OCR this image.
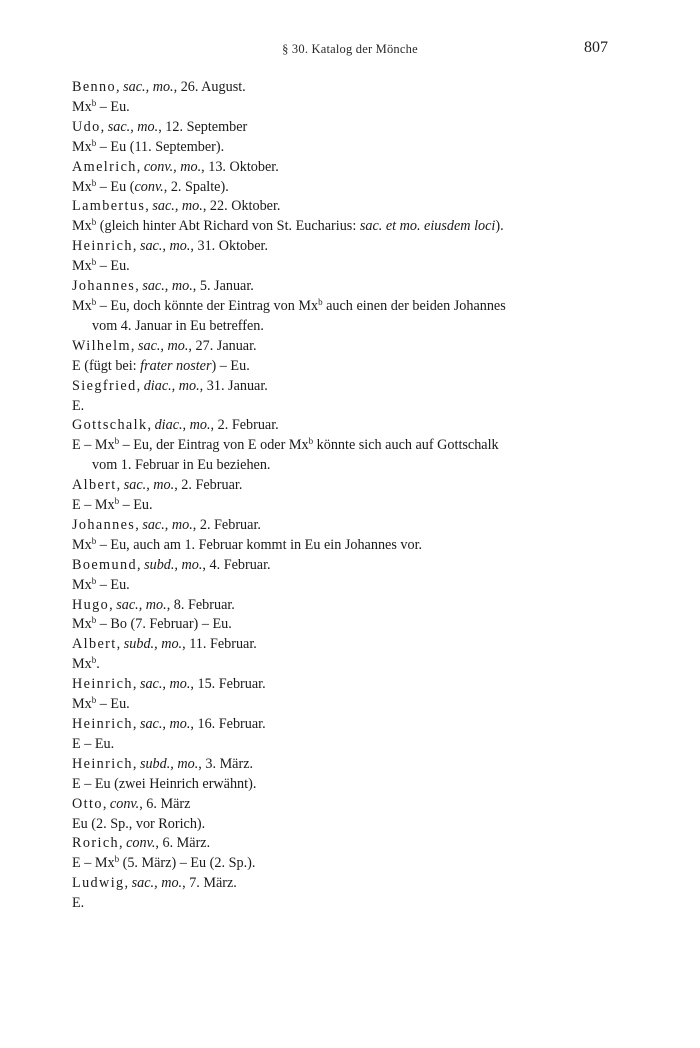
§ 30. Katalog der Mönche	807
Benno, sac., mo., 26. August.
Mx$^b$ – Eu.
Udo, sac., mo., 12. September
Mx$^b$ – Eu (11. September).
Amelrich, conv., mo., 13. Oktober.
Mx$^b$ – Eu (conv., 2. Spalte).
Lambertus, sac., mo., 22. Oktober.
Mx$^b$ (gleich hinter Abt Richard von St. Eucharius: sac. et mo. eiusdem loci).
Heinrich, sac., mo., 31. Oktober.
Mx$^b$ – Eu.
Johannes, sac., mo., 5. Januar.
Mx$^b$ – Eu, doch könnte der Eintrag von Mx$^b$ auch einen der beiden Johannes
vom 4. Januar in Eu betreffen.
Wilhelm, sac., mo., 27. Januar.
E (fügt bei: frater noster) – Eu.
Siegfried, diac., mo., 31. Januar.
E.
Gottschalk, diac., mo., 2. Februar.
E – Mx$^b$ – Eu, der Eintrag von E oder Mx$^b$ könnte sich auch auf Gottschalk
vom 1. Februar in Eu beziehen.
Albert, sac., mo., 2. Februar.
E – Mx$^b$ – Eu.
Johannes, sac., mo., 2. Februar.
Mx$^b$ – Eu, auch am 1. Februar kommt in Eu ein Johannes vor.
Boemund, subd., mo., 4. Februar.
Mx$^b$ – Eu.
Hugo, sac., mo., 8. Februar.
Mx$^b$ – Bo (7. Februar) – Eu.
Albert, subd., mo., 11. Februar.
Mx$^b$.
Heinrich, sac., mo., 15. Februar.
Mx$^b$ – Eu.
Heinrich, sac., mo., 16. Februar.
E – Eu.
Heinrich, subd., mo., 3. März.
E – Eu (zwei Heinrich erwähnt).
Otto, conv., 6. März
Eu (2. Sp., vor Rorich).
Rorich, conv., 6. März.
E – Mx$^b$ (5. März) – Eu (2. Sp.).
Ludwig, sac., mo., 7. März.
E.
